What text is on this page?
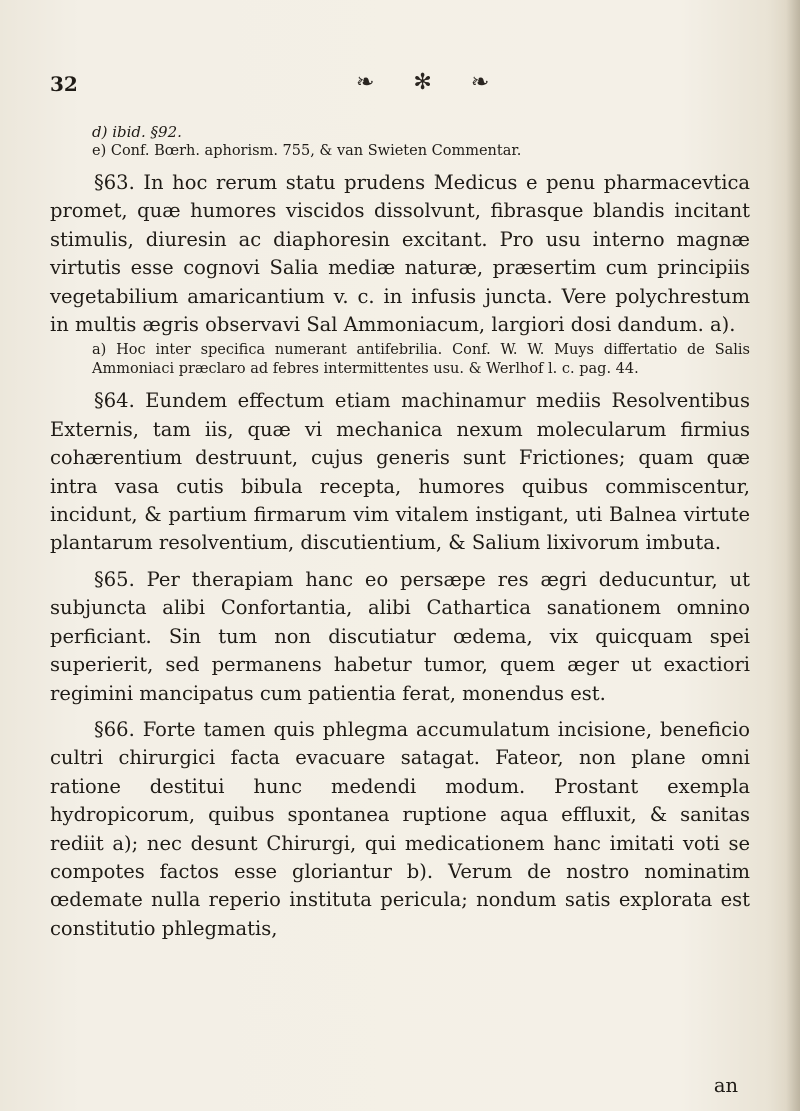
32	❧ ✻ ❧

d) ibid. §92.

e) Conf. Bœrh. aphorism. 755, & van Swieten Commentar.

§63. In hoc rerum statu prudens Medicus e penu pharmacevtica promet, quæ humores viscidos dissolvunt, fibrasque blandis incitant stimulis, diuresin ac diaphoresin excitant. Pro usu interno magnæ virtutis esse cognovi Salia mediæ naturæ, præsertim cum principiis vegetabilium amaricantium v. c. in infusis juncta. Vere polychrestum in multis ægris observavi Sal Ammoniacum, largiori dosi dandum. a).

a) Hoc inter specifica numerant antifebrilia. Conf. W. W. Muys differtatio de Salis Ammoniaci præclaro ad febres intermittentes usu. & Werlhof l. c. pag. 44.

§64. Eundem effectum etiam machinamur mediis Resolventibus Externis, tam iis, quæ vi mechanica nexum molecularum firmius cohærentium destruunt, cujus generis sunt Frictiones; quam quæ intra vasa cutis bibula recepta, humores quibus commiscentur, incidunt, & partium firmarum vim vitalem instigant, uti Balnea virtute plantarum resolventium, discutientium, & Salium lixivorum imbuta.

§65. Per therapiam hanc eo persæpe res ægri deducuntur, ut subjuncta alibi Confortantia, alibi Cathartica sanationem omnino perficiant. Sin tum non discutiatur œdema, vix quicquam spei superierit, sed permanens habetur tumor, quem æger ut exactiori regimini mancipatus cum patientia ferat, monendus est.

§66. Forte tamen quis phlegma accumulatum incisione, beneficio cultri chirurgici facta evacuare satagat. Fateor, non plane omni ratione destitui hunc medendi modum. Prostant exempla hydropicorum, quibus spontanea ruptione aqua effluxit, & sanitas rediit a); nec desunt Chirurgi, qui medicationem hanc imitati voti se compotes factos esse gloriantur b). Verum de nostro nominatim œdemate nulla reperio instituta pericula; nondum satis explorata est constitutio phlegmatis,

an
